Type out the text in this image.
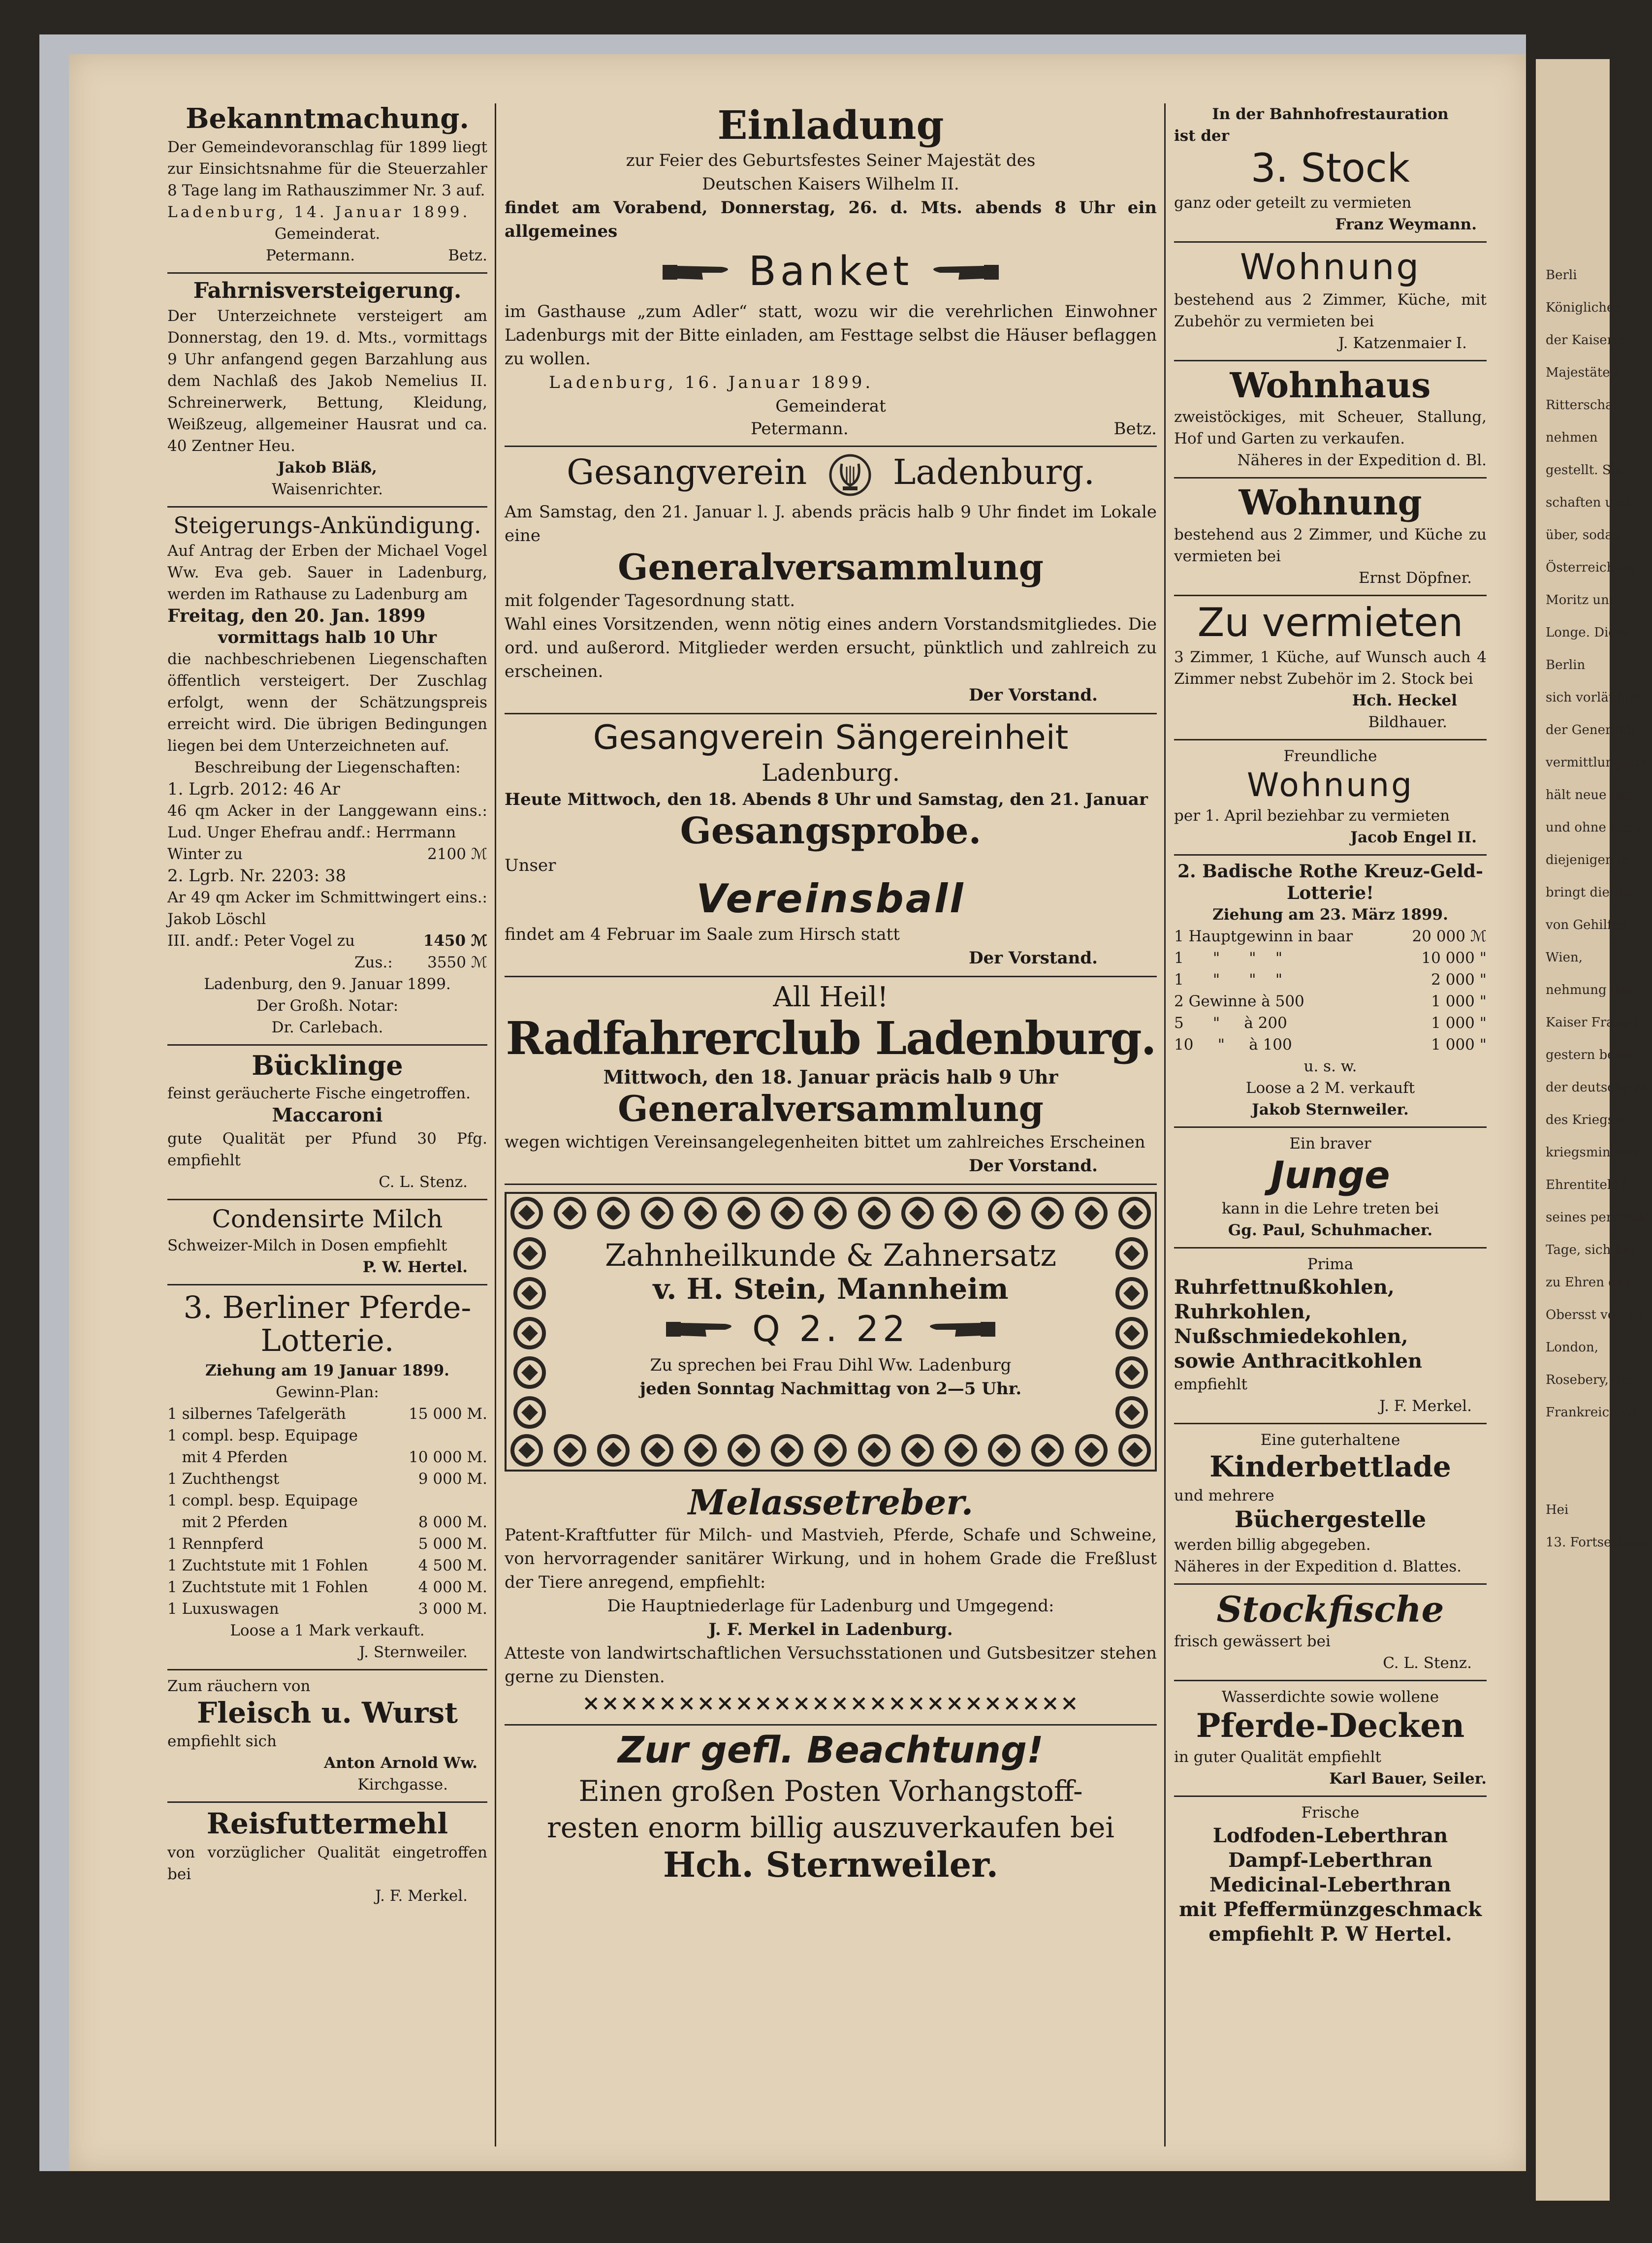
Berli
Königlichen
der Kaiserin
Majestäten
Ritterschaf
nehmen
gestellt. Sie
schaften und
über, sodas
Österreich-un
Moritz und
Longe. Diese
Berlin
sich vorläufige
der Generaldi
vermittlungsste
hält neue Bro
und ohne Kurs
diejenigen in
bringt die Do
von Gehilfen
Wien,
nehmung des
Kaiser Franz-J
gestern beim
der deutsche M
des Kriegsm
kriegsminister
Ehrentitels f
seines persönlic
Tage, sich bei
zu Ehren des
Obersst von So
London,
Rosebery, dem
Frankreich wi
Hei
13. Fortsetzung.
Bekanntmachung.

Der Gemeindevoranschlag für 1899 liegt zur Einsichtsnahme für die Steuerzahler 8 Tage lang im Rathauszimmer Nr. 3 auf.

Ladenburg, 14. Januar 1899.

Gemeinderat.

Petermann.	Betz.
Fahrnisversteigerung.

Der Unterzeichnete versteigert am Donnerstag, den 19. d. Mts., vormittags 9 Uhr anfangend gegen Barzahlung aus dem Nachlaß des Jakob Nemelius II. Schreinerwerk, Bettung, Kleidung, Weißzeug, allgemeiner Hausrat und ca. 40 Zentner Heu.

Jakob Bläß,

Waisenrichter.

Steigerungs-Ankündigung.

Auf Antrag der Erben der Michael Vogel Ww. Eva geb. Sauer in Ladenburg, werden im Rathause zu Ladenburg am

Freitag, den 20. Jan. 1899

vormittags halb 10 Uhr

die nachbeschriebenen Liegenschaften öffentlich versteigert. Der Zuschlag erfolgt, wenn der Schätzungspreis erreicht wird. Die übrigen Bedingungen liegen bei dem Unterzeichneten auf.

Beschreibung der Liegenschaften:

1. Lgrb. 2012: 46 Ar

46 qm Acker in der Langgewann eins.: Lud. Unger Ehefrau andf.: Herrmann

Winter zu	2100 ℳ

2. Lgrb. Nr. 2203: 38

Ar 49 qm Acker im Schmittwingert eins.: Jakob Löschl

III. andf.: Peter Vogel zu	1450 ℳ
Zus.: 3550 ℳ

Ladenburg, den 9. Januar 1899.

Der Großh. Notar:

Dr. Carlebach.

Bücklinge

feinst geräucherte Fische eingetroffen.

Maccaroni

gute Qualität per Pfund 30 Pfg. empfiehlt

C. L. Stenz.

Condensirte Milch

Schweizer-Milch in Dosen empfiehlt

P. W. Hertel.

3. Berliner Pferde-
Lotterie.

Ziehung am 19 Januar 1899.

Gewinn-Plan:

1 silbernes Tafelgeräth	15 000 M.
1 compl. besp. Equipage
mit 4 Pferden	10 000 M.
1 Zuchthengst	9 000 M.
1 compl. besp. Equipage
mit 2 Pferden	8 000 M.
1 Rennpferd	5 000 M.
1 Zuchtstute mit 1 Fohlen	4 500 M.
1 Zuchtstute mit 1 Fohlen	4 000 M.
1 Luxuswagen	3 000 M.

Loose a 1 Mark verkauft.

J. Sternweiler.

Zum räuchern von

Fleisch u. Wurst

empfiehlt sich

Anton Arnold Ww.

Kirchgasse.

Reisfuttermehl

von vorzüglicher Qualität eingetroffen bei

J. F. Merkel.

Einladung

zur Feier des Geburtsfestes Seiner Majestät des

Deutschen Kaisers Wilhelm II.

findet am Vorabend, Donnerstag, 26. d. Mts. abends 8 Uhr ein allgemeines

Banket

im Gasthause „zum Adler“ statt, wozu wir die verehrlichen Einwohner Ladenburgs mit der Bitte einladen, am Festtage selbst die Häuser beflaggen zu wollen.

Ladenburg, 16. Januar 1899.

Gemeinderat

Petermann.	Betz.
Gesangverein Ladenburg.

Am Samstag, den 21. Januar l. J. abends präcis halb 9 Uhr findet im Lokale eine

Generalversammlung

mit folgender Tagesordnung statt.

Wahl eines Vorsitzenden, wenn nötig eines andern Vorstandsmitgliedes. Die ord. und außerord. Mitglieder werden ersucht, pünktlich und zahlreich zu erscheinen.

Der Vorstand.

Gesangverein Sängereinheit

Ladenburg.

Heute Mittwoch, den 18. Abends 8 Uhr und Samstag, den 21. Januar

Gesangsprobe.

Unser

Vereinsball

findet am 4 Februar im Saale zum Hirsch statt

Der Vorstand.

All Heil!
Radfahrerclub Ladenburg.

Mittwoch, den 18. Januar präcis halb 9 Uhr

Generalversammlung

wegen wichtigen Vereinsangelegenheiten bittet um zahlreiches Erscheinen

Der Vorstand.

Zahnheilkunde & Zahnersatz
v. H. Stein, Mannheim
Q 2. 22

Zu sprechen bei Frau Dihl Ww. Ladenburg

jeden Sonntag Nachmittag von 2—5 Uhr.

Melassetreber.

Patent-Kraftfutter für Milch- und Mastvieh, Pferde, Schafe und Schweine, von hervorragender sanitärer Wirkung, und in hohem Grade die Freßlust der Tiere anregend, empfiehlt:

Die Hauptniederlage für Ladenburg und Umgegend:

J. F. Merkel in Ladenburg.

Atteste von landwirtschaftlichen Versuchsstationen und Gutsbesitzer stehen gerne zu Diensten.

××××××××××××××××××××××××××
Zur gefl. Beachtung!

Einen großen Posten Vorhangstoff-

resten enorm billig auszuverkaufen bei

Hch. Sternweiler.

In der Bahnhofrestauration

ist der

3. Stock

ganz oder geteilt zu vermieten

Franz Weymann.

Wohnung

bestehend aus 2 Zimmer, Küche, mit Zubehör zu vermieten bei

J. Katzenmaier I.

Wohnhaus

zweistöckiges, mit Scheuer, Stallung, Hof und Garten zu verkaufen.

Näheres in der Expedition d. Bl.

Wohnung

bestehend aus 2 Zimmer, und Küche zu vermieten bei

Ernst Döpfner.

Zu vermieten

3 Zimmer, 1 Küche, auf Wunsch auch 4 Zimmer nebst Zubehör im 2. Stock bei

Hch. Heckel

Bildhauer.

Freundliche

Wohnung

per 1. April beziehbar zu vermieten

Jacob Engel II.

2. Badische Rothe Kreuz-Geld-Lotterie!

Ziehung am 23. März 1899.

1 Hauptgewinn in baar	20 000 ℳ
1      "      "    "	10 000 "
1      "      "    "	2 000 "
2 Gewinne à 500	1 000 "
5      "     à 200	1 000 "
10     "     à 100	1 000 "

u. s. w.

Loose a 2 M. verkauft

Jakob Sternweiler.

Ein braver

Junge

kann in die Lehre treten bei

Gg. Paul, Schuhmacher.

Prima

Ruhrfettnußkohlen,

Ruhrkohlen,

Nußschmiedekohlen,

sowie Anthracitkohlen

empfiehlt

J. F. Merkel.

Eine guterhaltene

Kinderbettlade

und mehrere

Büchergestelle

werden billig abgegeben.

Näheres in der Expedition d. Blattes.

Stockfische

frisch gewässert bei

C. L. Stenz.

Wasserdichte sowie wollene

Pferde-Decken

in guter Qualität empfiehlt

Karl Bauer, Seiler.

Frische

Lodfoden-Leberthran

Dampf-Leberthran

Medicinal-Leberthran

mit Pfeffermünzgeschmack

empfiehlt P. W Hertel.
